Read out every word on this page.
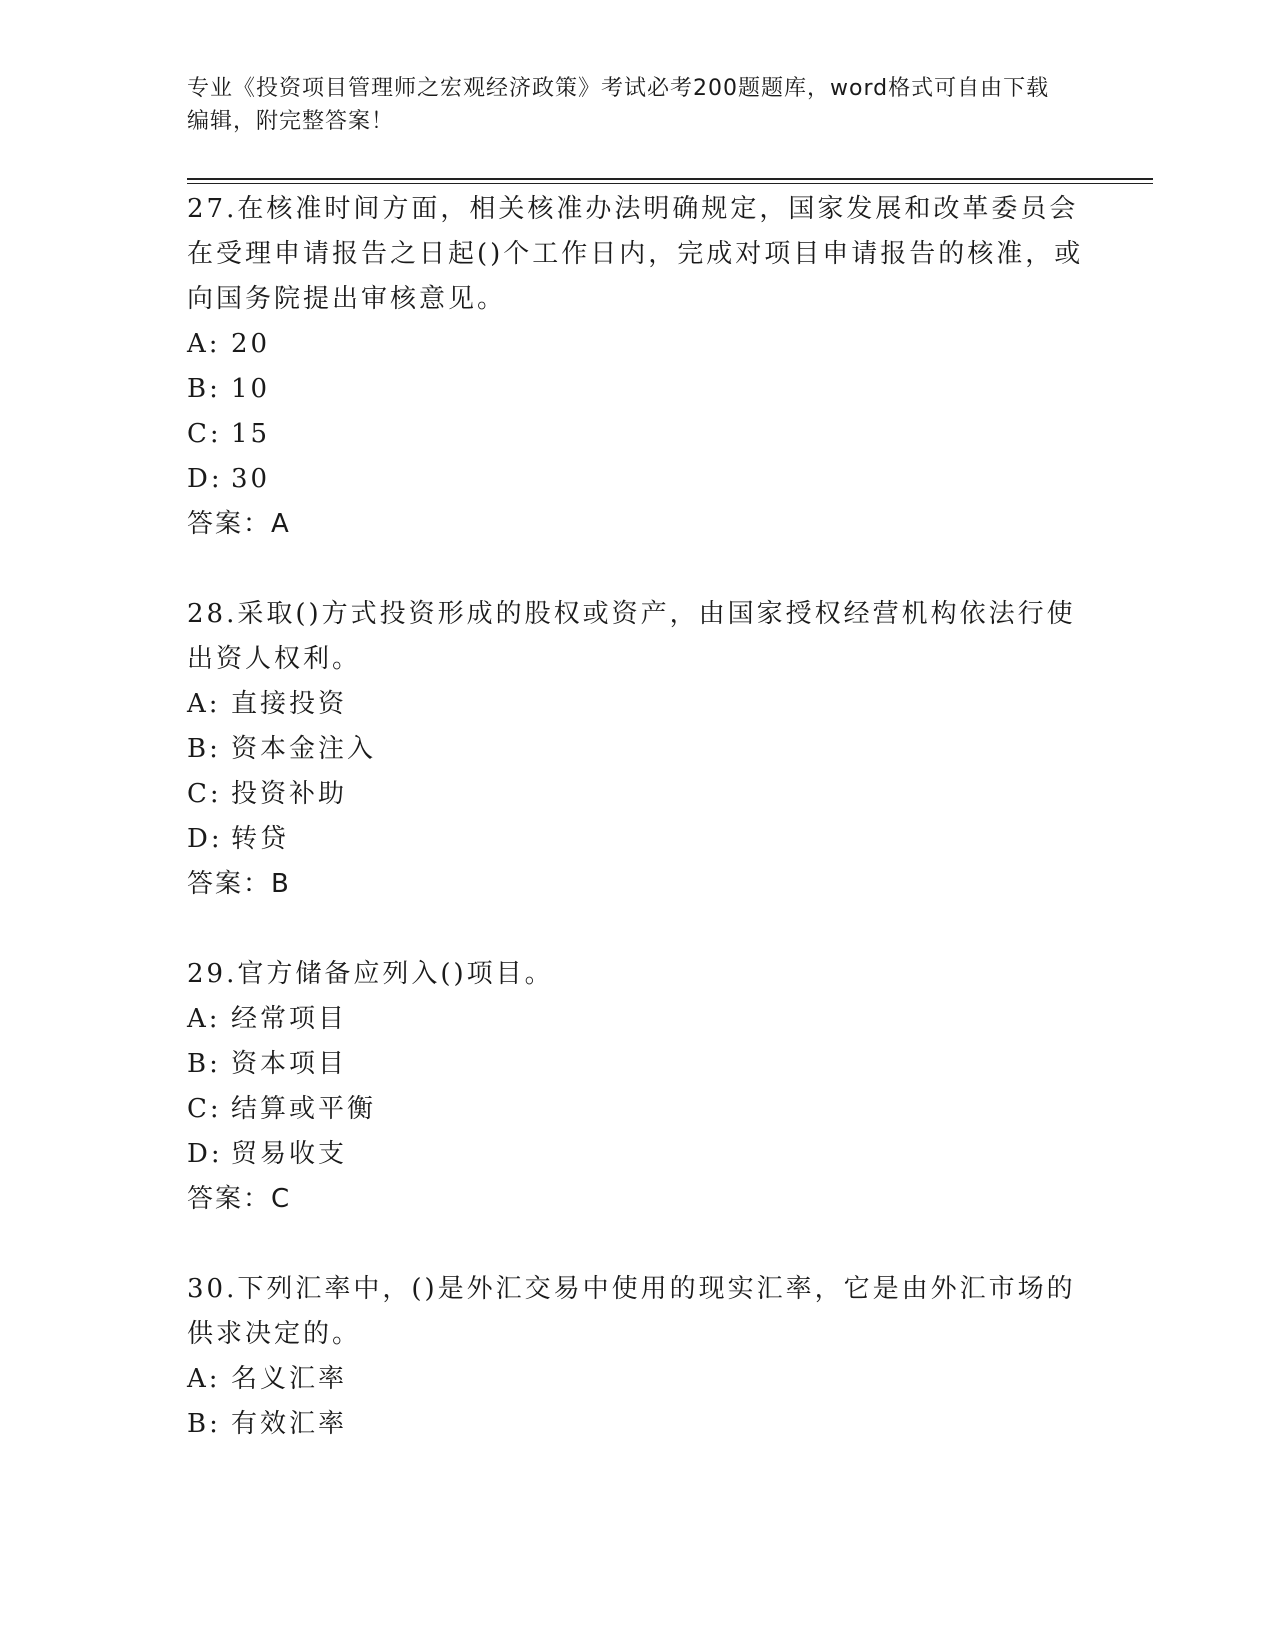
专业《投资项目管理师之宏观经济政策》考试必考200题题库，word格式可自由下载编辑，附完整答案！

27.在核准时间方面，相关核准办法明确规定，国家发展和改革委员会在受理申请报告之日起()个工作日内，完成对项目申请报告的核准，或向国务院提出审核意见。

A: 20
B: 10
C: 15
D: 30
答案：A

28.采取()方式投资形成的股权或资产，由国家授权经营机构依法行使出资人权利。

A: 直接投资
B: 资本金注入
C: 投资补助
D: 转贷
答案：B

29.官方储备应列入()项目。

A: 经常项目
B: 资本项目
C: 结算或平衡
D: 贸易收支
答案：C

30.下列汇率中，()是外汇交易中使用的现实汇率，它是由外汇市场的供求决定的。

A: 名义汇率
B: 有效汇率
